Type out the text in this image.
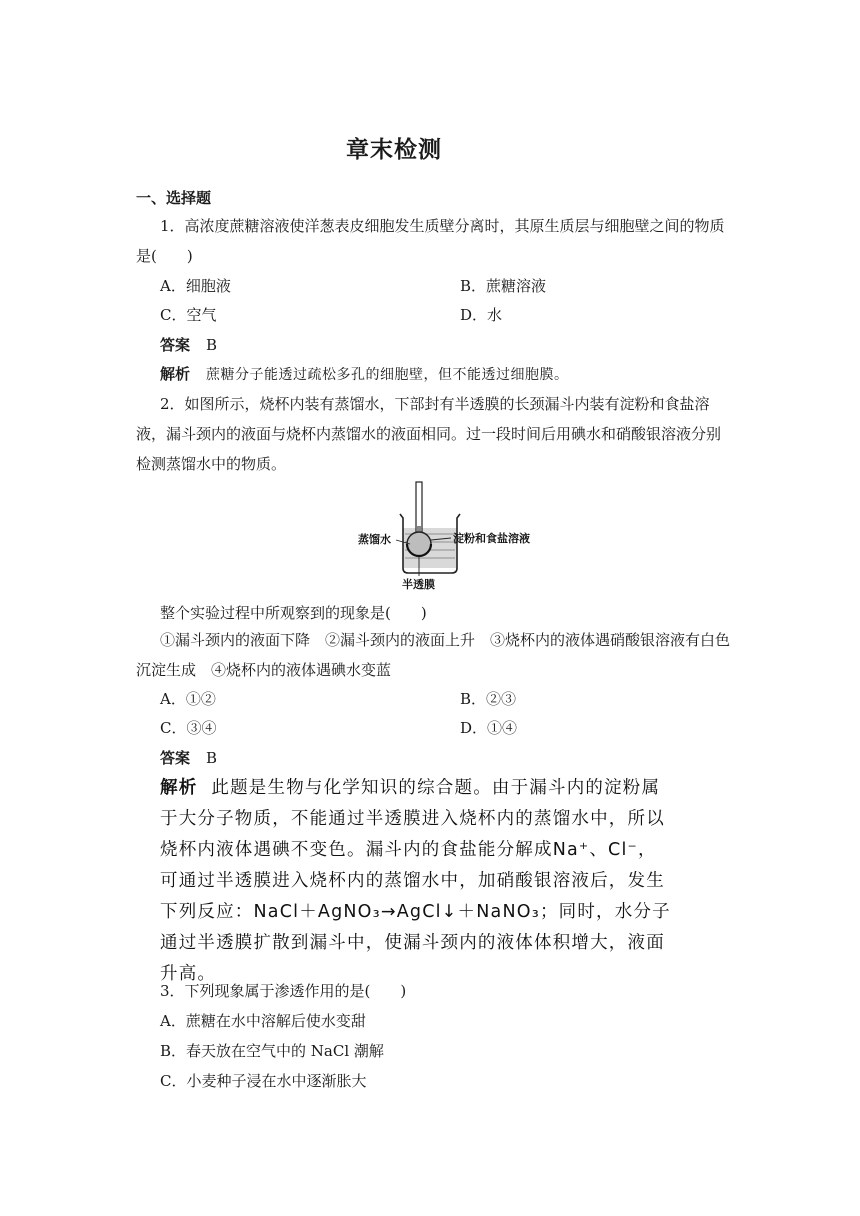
章末检测
一、选择题
1．高浓度蔗糖溶液使洋葱表皮细胞发生质壁分离时，其原生质层与细胞壁之间的物质
是(　　)
A．细胞液	B．蔗糖溶液
C．空气	D．水
答案 B
解析 蔗糖分子能透过疏松多孔的细胞壁，但不能透过细胞膜。
2．如图所示，烧杯内装有蒸馏水，下部封有半透膜的长颈漏斗内装有淀粉和食盐溶液，漏斗颈内的液面与烧杯内蒸馏水的液面相同。过一段时间后用碘水和硝酸银溶液分别检测蒸馏水中的物质。
蒸馏水	淀粉和食盐溶液
半透膜
整个实验过程中所观察到的现象是(　　)
①漏斗颈内的液面下降　②漏斗颈内的液面上升　③烧杯内的液体遇硝酸银溶液有白色沉淀生成　④烧杯内的液体遇碘水变蓝
A．①②	B．②③
C．③④	D．①④
答案 B
解析 此题是生物与化学知识的综合题。由于漏斗内的淀粉属于大分子物质，不能通过半透膜进入烧杯内的蒸馏水中，所以烧杯内液体遇碘不变色。漏斗内的食盐能分解成Na⁺、Cl⁻，可通过半透膜进入烧杯内的蒸馏水中，加硝酸银溶液后，发生下列反应：NaCl＋AgNO₃→AgCl↓＋NaNO₃；同时，水分子通过半透膜扩散到漏斗中，使漏斗颈内的液体体积增大，液面升高。
3．下列现象属于渗透作用的是(　　)
A．蔗糖在水中溶解后使水变甜
B．春天放在空气中的 NaCl 潮解
C．小麦种子浸在水中逐渐胀大
